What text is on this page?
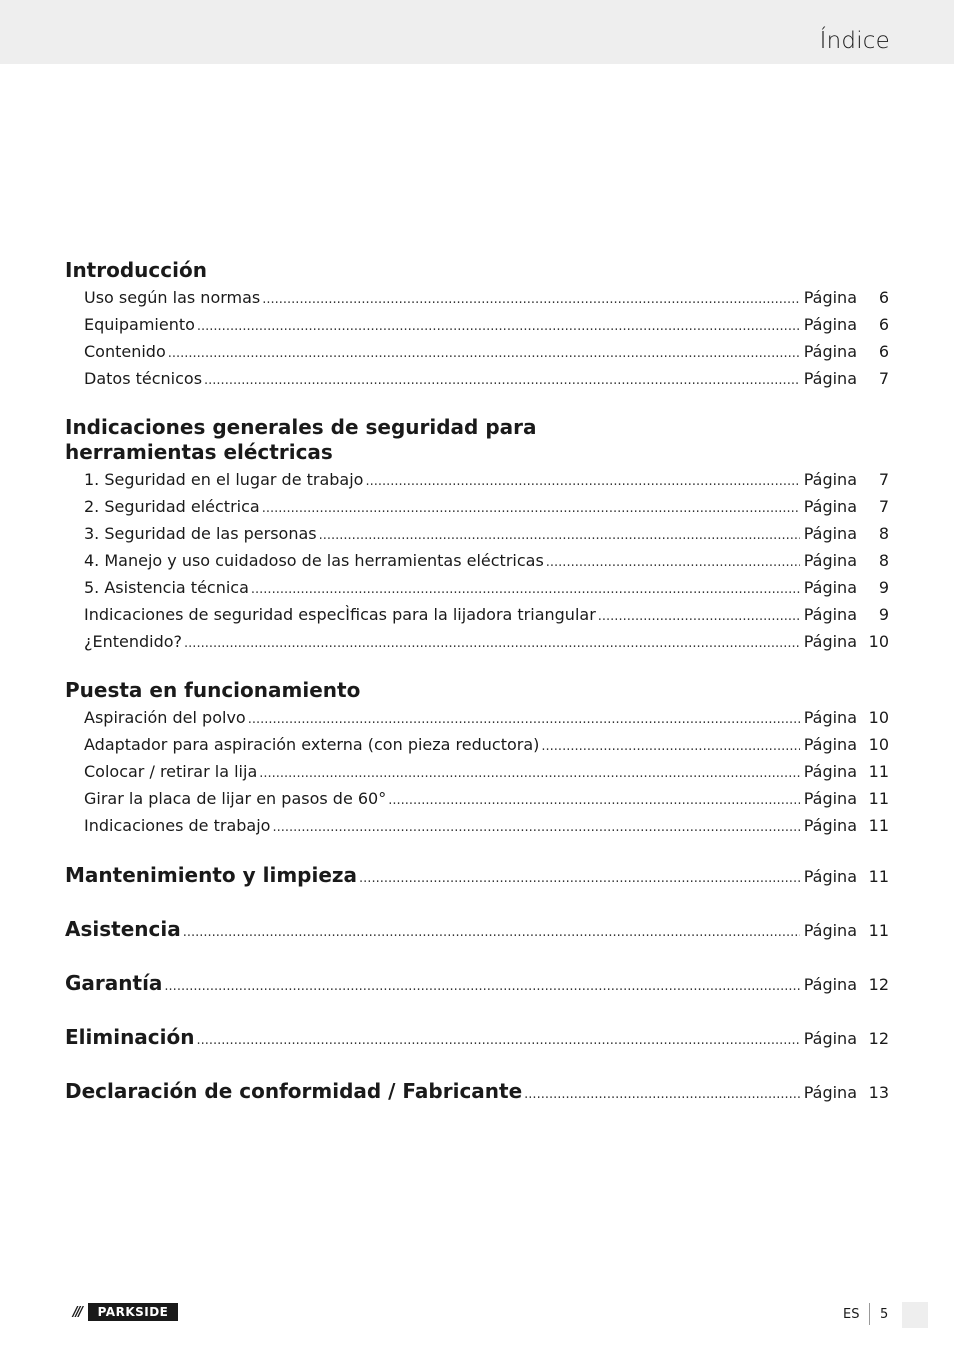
Índice
Introducción
Uso según las normas .....	Página	6
Equipamiento .....	Página	6
Contenido .....	Página	6
Datos técnicos .....	Página	7
Indicaciones generales de seguridad para
herramientas eléctricas
1. Seguridad en el lugar de trabajo .....	Página	7
2. Seguridad eléctrica .....	Página	7
3. Seguridad de las personas .....	Página	8
4. Manejo y uso cuidadoso de las herramientas eléctricas .....	Página	8
5. Asistencia técnica .....	Página	9
Indicaciones de seguridad especÌficas para la lijadora triangular .....	Página	9
¿Entendido? .....	Página 10
Puesta en funcionamiento
Aspiración del polvo .....	Página 10
Adaptador para aspiración externa (con pieza reductora) .....	Página 10
Colocar / retirar la lija .....	Página 11
Girar la placa de lijar en pasos de 60° .....	Página 11
Indicaciones de trabajo .....	Página 11
Mantenimiento y limpieza .....	Página 11
Asistencia .....	Página 11
Garantía .....	Página 12
Eliminación .....	Página 12
Declaración de conformidad / Fabricante .....	Página 13
///	PARKSIDE	ES 5
